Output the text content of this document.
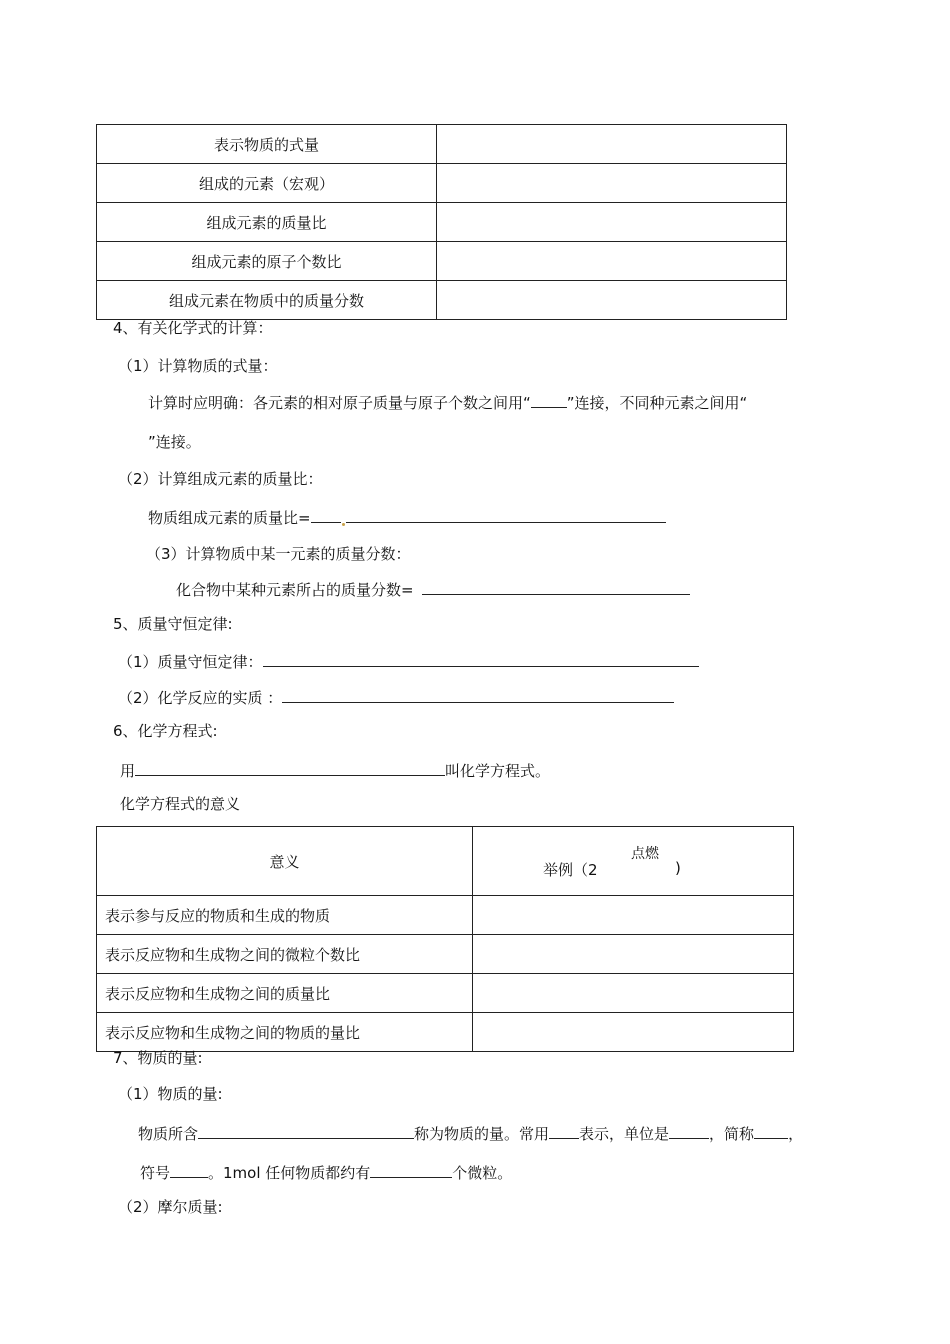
表示物质的式量	
组成的元素（宏观）	
组成元素的质量比	
组成元素的原子个数比	
组成元素在物质中的质量分数	
4、有关化学式的计算：
（1）计算物质的式量：
计算时应明确：各元素的相对原子质量与原子个数之间用“ ”连接，不同种元素之间用“
”连接。
（2）计算组成元素的质量比：
物质组成元素的质量比=
（3）计算物质中某一元素的质量分数：
化合物中某种元素所占的质量分数=
5、质量守恒定律:
（1）质量守恒定律：
（2）化学反应的实质 ：
6、化学方程式:
用	叫化学方程式。
化学方程式的意义
意义	举例（2
点燃
)

表示参与反应的物质和生成的物质	
表示反应物和生成物之间的微粒个数比	
表示反应物和生成物之间的质量比	
表示反应物和生成物之间的物质的量比	
7、物质的量:
（1）物质的量:
物质所含	称为物质的量。常用 表示，单位是	，简称 ，
符号	。1mol 任何物质都约有	个微粒。
（2）摩尔质量:
